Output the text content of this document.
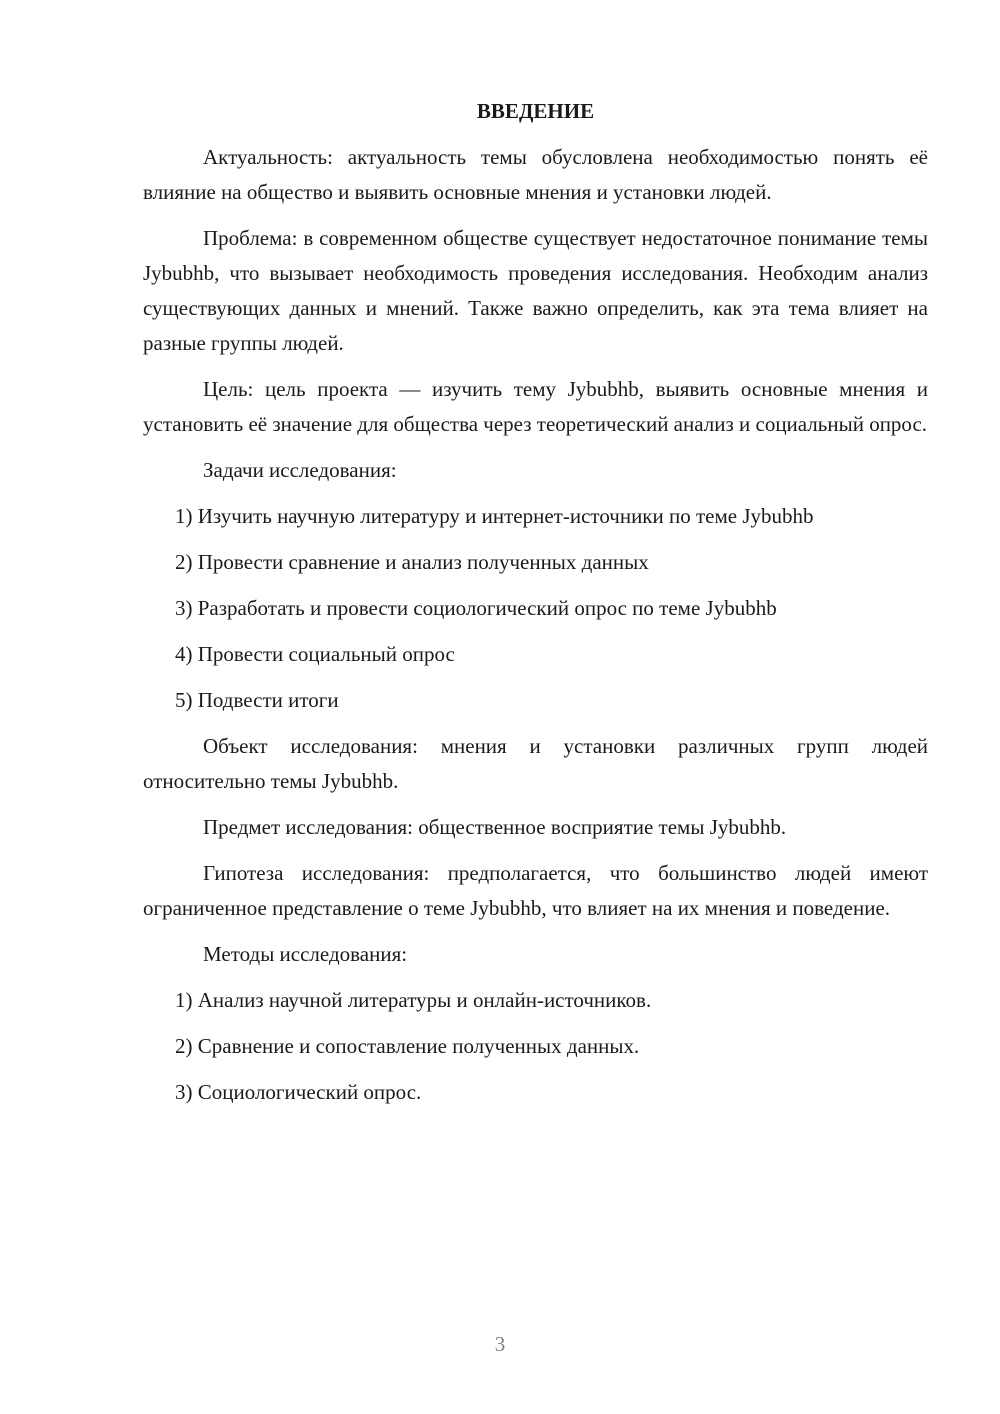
ВВЕДЕНИЕ

Актуальность: актуальность темы обусловлена необходимостью понять её влияние на общество и выявить основные мнения и установки людей.

Проблема: в современном обществе существует недостаточное понимание темы Jybubhb, что вызывает необходимость проведения исследования. Необходим анализ существующих данных и мнений. Также важно определить, как эта тема влияет на разные группы людей.

Цель: цель проекта — изучить тему Jybubhb, выявить основные мнения и установить её значение для общества через теоретический анализ и социальный опрос.

Задачи исследования:

1) Изучить научную литературу и интернет-источники по теме Jybubhb
2) Провести сравнение и анализ полученных данных
3) Разработать и провести социологический опрос по теме Jybubhb
4) Провести социальный опрос
5) Подвести итоги

Объект исследования: мнения и установки различных групп людей относительно темы Jybubhb.

Предмет исследования: общественное восприятие темы Jybubhb.

Гипотеза исследования: предполагается, что большинство людей имеют ограниченное представление о теме Jybubhb, что влияет на их мнения и поведение.

Методы исследования:

1) Анализ научной литературы и онлайн-источников.
2) Сравнение и сопоставление полученных данных.
3) Социологический опрос.
3
